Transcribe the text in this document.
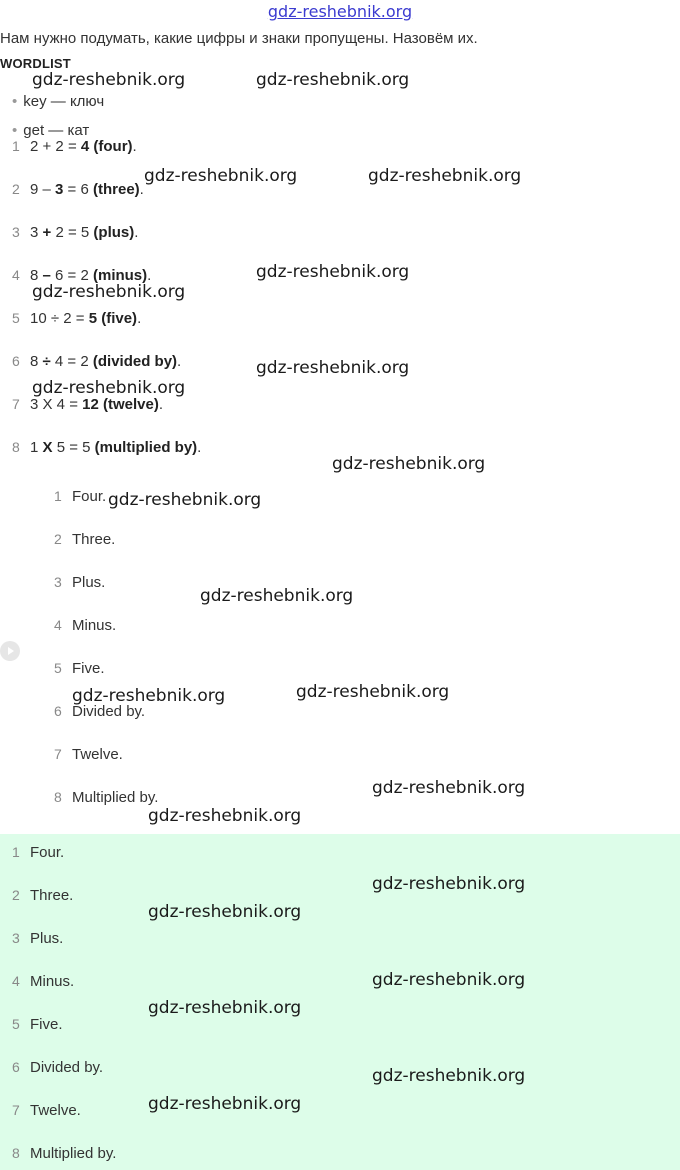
gdz-reshebnik.org
Нам нужно подумать, какие цифры и знаки пропущены. Назовём их.
WORDLIST
• key — ключ
• get — кат
1 2 + 2 = 4 (four).
2 9 – 3 = 6 (three).
3 3 + 2 = 5 (plus).
4 8 – 6 = 2 (minus).
5 10 ÷ 2 = 5 (five).
6 8 ÷ 4 = 2 (divided by).
7 3 X 4 = 12 (twelve).
8 1 X 5 = 5 (multiplied by).
1 Four.
2 Three.
3 Plus.
4 Minus.
5 Five.
6 Divided by.
7 Twelve.
8 Multiplied by.
1 Four.
2 Three.
3 Plus.
4 Minus.
5 Five.
6 Divided by.
7 Twelve.
8 Multiplied by.
gdz-reshebnik.org	gdz-reshebnik.org
gdz-reshebnik.org	gdz-reshebnik.org
gdz-reshebnik.org
gdz-reshebnik.org
gdz-reshebnik.org
gdz-reshebnik.org
gdz-reshebnik.org
gdz-reshebnik.org
gdz-reshebnik.org
gdz-reshebnik.org	gdz-reshebnik.org
gdz-reshebnik.org
gdz-reshebnik.org
gdz-reshebnik.org
gdz-reshebnik.org
gdz-reshebnik.org
gdz-reshebnik.org
gdz-reshebnik.org
gdz-reshebnik.org
